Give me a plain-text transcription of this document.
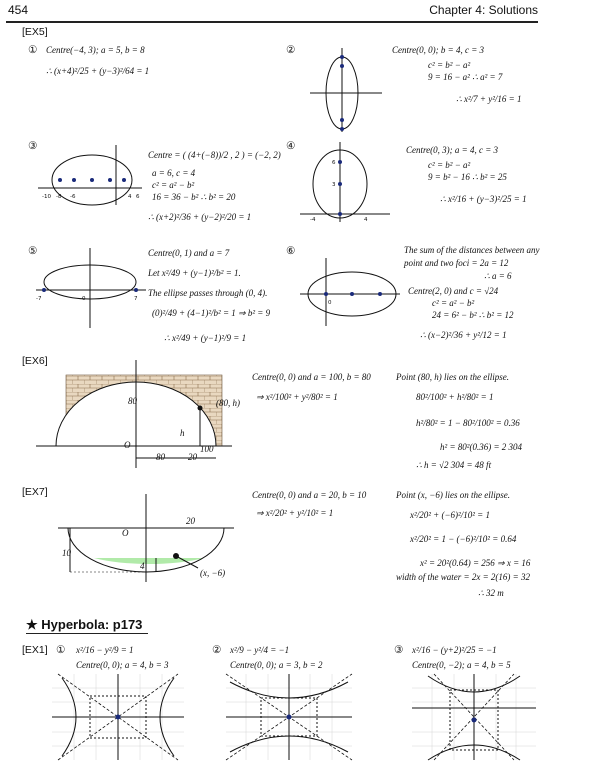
454	Chapter 4: Solutions
[EX5]
① Centre(−4, 3); a = 5, b = 8
∴ (x+4)²/25 + (y−3)²/64 = 1
②	Centre(0, 0); b = 4, c = 3
c² = b² − a²
9 = 16 − a² ∴ a² = 7
∴ x²/7 + y²/16 = 1
③
-10 -8 -6	4 6
Centre = ( (4+(−8))/2 , 2 ) = (−2, 2)
a = 6, c = 4
c² = a² − b²
16 = 36 − b² ∴ b² = 20
∴ (x+2)²/36 + (y−2)²/20 = 1
④
-4	4
6
3
Centre(0, 3); a = 4, c = 3
c² = b² − a²
9 = b² − 16 ∴ b² = 25
∴ x²/16 + (y−3)²/25 = 1
⑤
-7	0	7
Centre(0, 1) and a = 7
Let x²/49 + (y−1)²/b² = 1.
The ellipse passes through (0, 4).
(0)²/49 + (4−1)²/b² = 1 ⇒ b² = 9
∴ x²/49 + (y−1)²/9 = 1
⑥
0
The sum of the distances between any
point and two foci = 2a = 12
∴ a = 6
Centre(2, 0) and c = √24
c² = a² − b²
24 = 6² − b² ∴ b² = 12
∴ (x−2)²/36 + y²/12 = 1
[EX6]
80	(80, h)
h
O	100
80	20
Centre(0, 0) and a = 100, b = 80
⇒ x²/100² + y²/80² = 1
Point (80, h) lies on the ellipse.
80²/100² + h²/80² = 1
h²/80² = 1 − 80²/100² = 0.36
h² = 80²(0.36) = 2 304
∴ h = √2 304 = 48 ft
[EX7]
O
20
10
4
(x, −6)
Centre(0, 0) and a = 20, b = 10
⇒ x²/20² + y²/10² = 1
Point (x, −6) lies on the ellipse.
x²/20² + (−6)²/10² = 1
x²/20² = 1 − (−6)²/10² = 0.64
x² = 20²(0.64) = 256 ⇒ x = 16
width of the water = 2x = 2(16) = 32
∴ 32 m
★ Hyperbola: p173
[EX1] ① x²/16 − y²/9 = 1
Centre(0, 0); a = 4, b = 3
② x²/9 − y²/4 = −1
Centre(0, 0); a = 3, b = 2
③ x²/16 − (y+2)²/25 = −1
Centre(0, −2); a = 4, b = 5
